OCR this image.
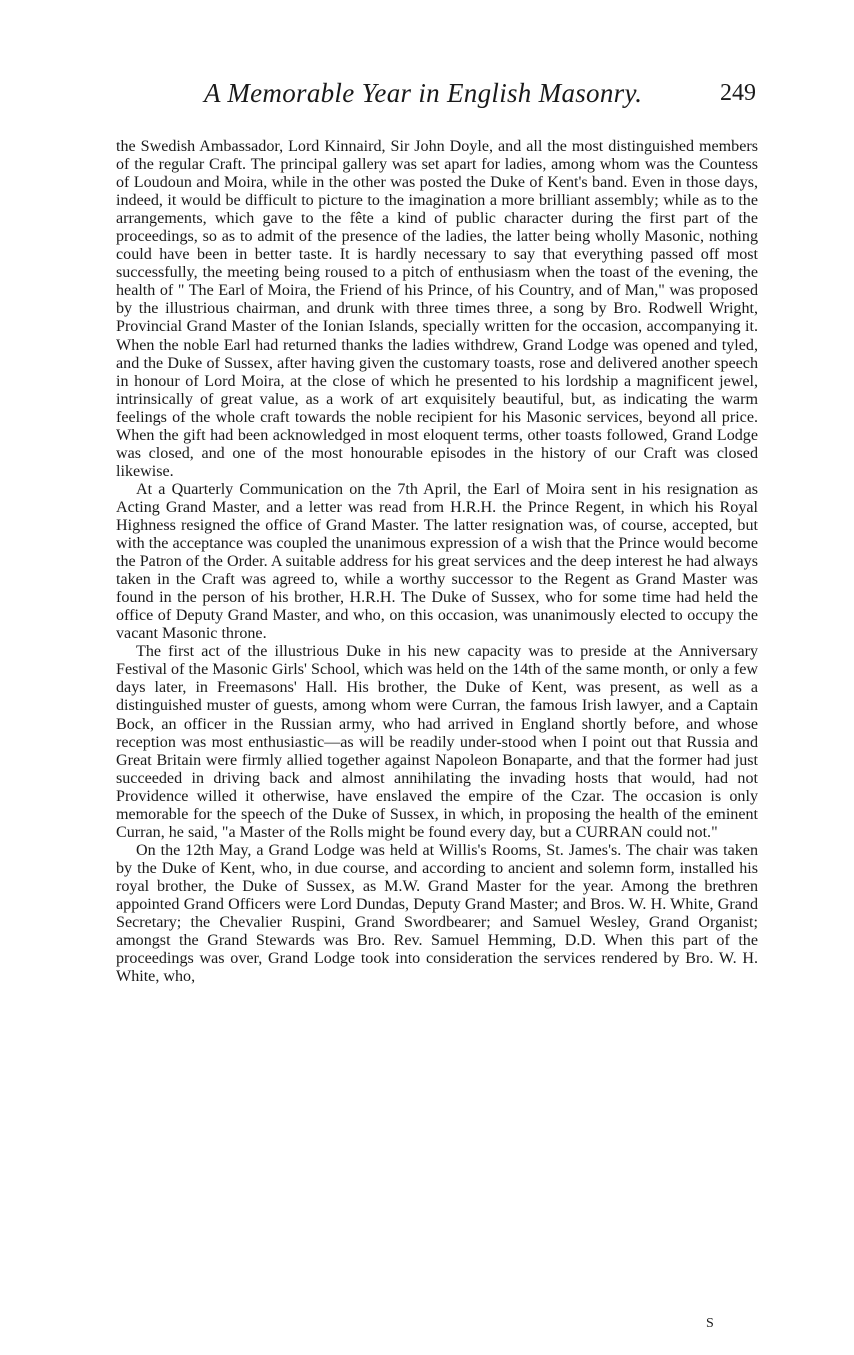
A Memorable Year in English Masonry.	249

the Swedish Ambassador, Lord Kinnaird, Sir John Doyle, and all the most distinguished members of the regular Craft. The principal gallery was set apart for ladies, among whom was the Countess of Loudoun and Moira, while in the other was posted the Duke of Kent's band. Even in those days, indeed, it would be difficult to picture to the imagination a more brilliant assembly; while as to the arrangements, which gave to the fête a kind of public character during the first part of the proceedings, so as to admit of the presence of the ladies, the latter being wholly Masonic, nothing could have been in better taste. It is hardly necessary to say that everything passed off most successfully, the meeting being roused to a pitch of enthusiasm when the toast of the evening, the health of " The Earl of Moira, the Friend of his Prince, of his Country, and of Man," was proposed by the illustrious chairman, and drunk with three times three, a song by Bro. Rodwell Wright, Provincial Grand Master of the Ionian Islands, specially written for the occasion, accompanying it. When the noble Earl had returned thanks the ladies withdrew, Grand Lodge was opened and tyled, and the Duke of Sussex, after having given the customary toasts, rose and delivered another speech in honour of Lord Moira, at the close of which he presented to his lordship a magnificent jewel, intrinsically of great value, as a work of art exquisitely beautiful, but, as indicating the warm feelings of the whole craft towards the noble recipient for his Masonic services, beyond all price. When the gift had been acknowledged in most eloquent terms, other toasts followed, Grand Lodge was closed, and one of the most honourable episodes in the history of our Craft was closed likewise.

At a Quarterly Communication on the 7th April, the Earl of Moira sent in his resignation as Acting Grand Master, and a letter was read from H.R.H. the Prince Regent, in which his Royal Highness resigned the office of Grand Master. The latter resignation was, of course, accepted, but with the acceptance was coupled the unanimous expression of a wish that the Prince would become the Patron of the Order. A suitable address for his great services and the deep interest he had always taken in the Craft was agreed to, while a worthy successor to the Regent as Grand Master was found in the person of his brother, H.R.H. The Duke of Sussex, who for some time had held the office of Deputy Grand Master, and who, on this occasion, was unanimously elected to occupy the vacant Masonic throne.

The first act of the illustrious Duke in his new capacity was to preside at the Anniversary Festival of the Masonic Girls' School, which was held on the 14th of the same month, or only a few days later, in Freemasons' Hall. His brother, the Duke of Kent, was present, as well as a distinguished muster of guests, among whom were Curran, the famous Irish lawyer, and a Captain Bock, an officer in the Russian army, who had arrived in England shortly before, and whose reception was most enthusiastic—as will be readily under-stood when I point out that Russia and Great Britain were firmly allied together against Napoleon Bonaparte, and that the former had just succeeded in driving back and almost annihilating the invading hosts that would, had not Providence willed it otherwise, have enslaved the empire of the Czar. The occasion is only memorable for the speech of the Duke of Sussex, in which, in proposing the health of the eminent Curran, he said, "a Master of the Rolls might be found every day, but a CURRAN could not."

On the 12th May, a Grand Lodge was held at Willis's Rooms, St. James's. The chair was taken by the Duke of Kent, who, in due course, and according to ancient and solemn form, installed his royal brother, the Duke of Sussex, as M.W. Grand Master for the year. Among the brethren appointed Grand Officers were Lord Dundas, Deputy Grand Master; and Bros. W. H. White, Grand Secretary; the Chevalier Ruspini, Grand Swordbearer; and Samuel Wesley, Grand Organist; amongst the Grand Stewards was Bro. Rev. Samuel Hemming, D.D. When this part of the proceedings was over, Grand Lodge took into consideration the services rendered by Bro. W. H. White, who,

S
